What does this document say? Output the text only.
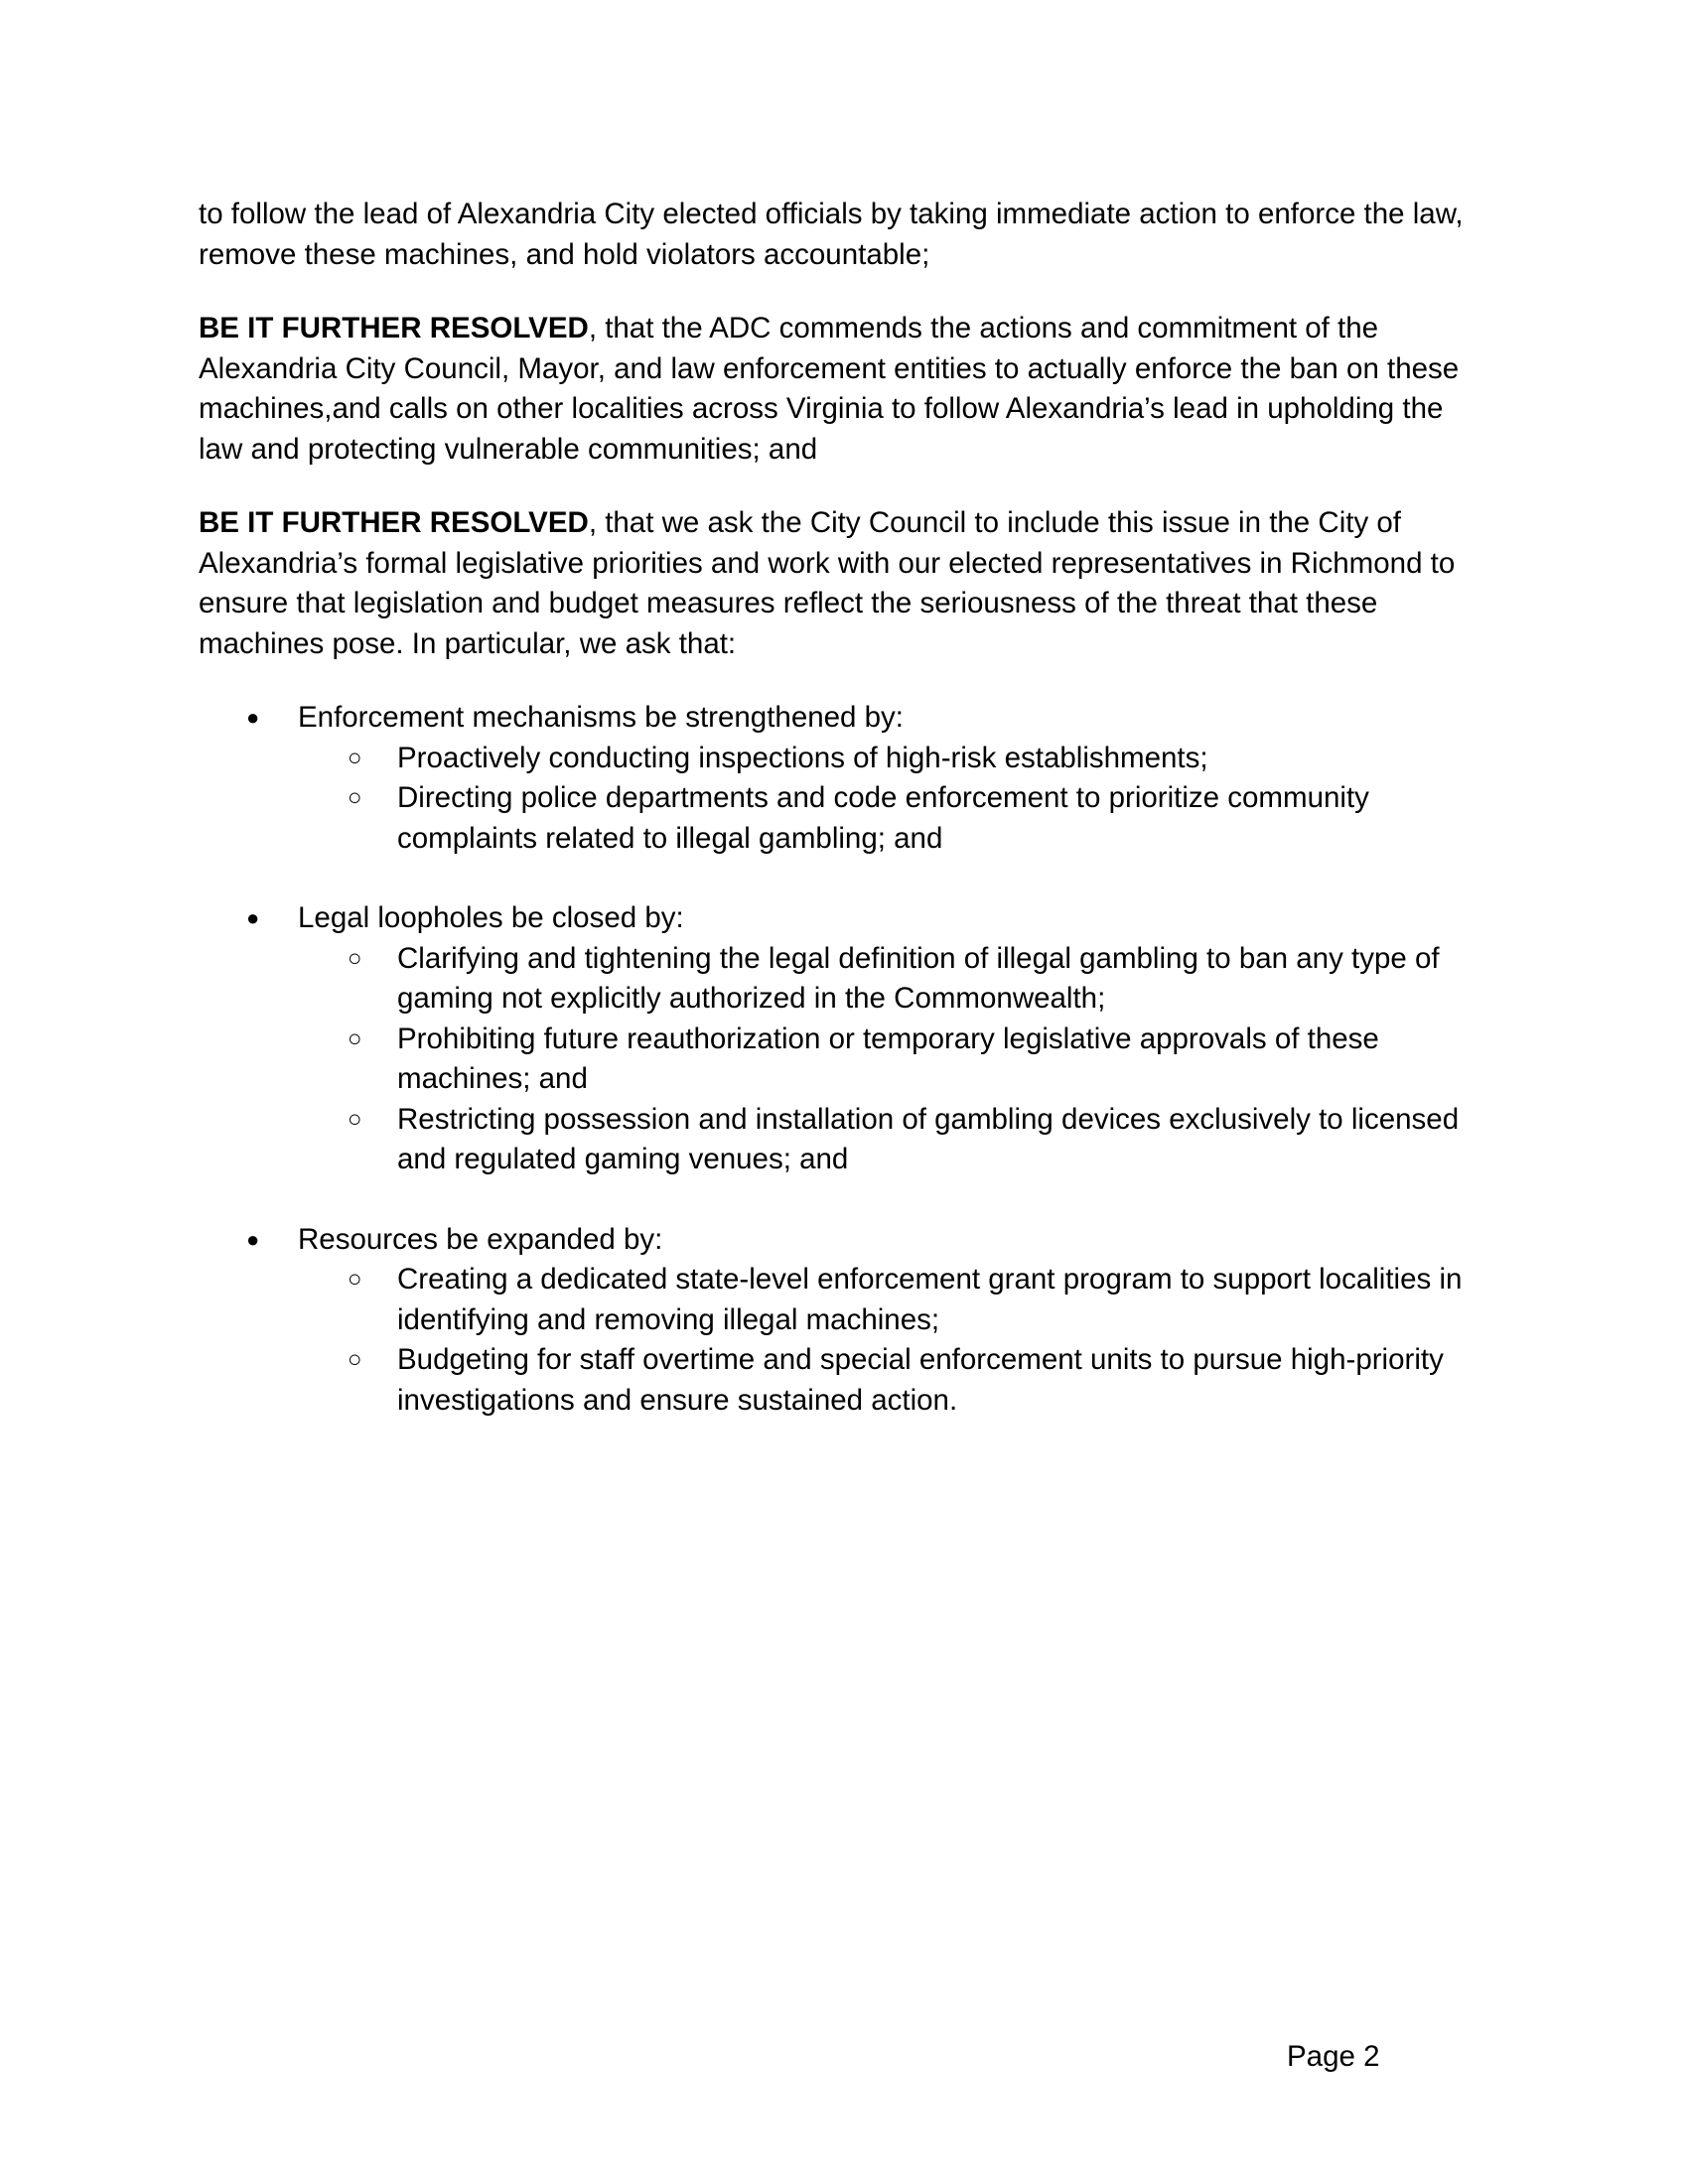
to follow the lead of Alexandria City elected officials by taking immediate action to enforce the law, remove these machines, and hold violators accountable;

BE IT FURTHER RESOLVED, that the ADC commends the actions and commitment of the Alexandria City Council, Mayor, and law enforcement entities to actually enforce the ban on these machines,and calls on other localities across Virginia to follow Alexandria’s lead in upholding the law and protecting vulnerable communities; and

BE IT FURTHER RESOLVED, that we ask the City Council to include this issue in the City of Alexandria’s formal legislative priorities and work with our elected representatives in Richmond to ensure that legislation and budget measures reflect the seriousness of the threat that these machines pose. In particular, we ask that:

● Enforcement mechanisms be strengthened by:
○ Proactively conducting inspections of high-risk establishments;
○ Directing police departments and code enforcement to prioritize community complaints related to illegal gambling; and
● Legal loopholes be closed by:
○ Clarifying and tightening the legal definition of illegal gambling to ban any type of gaming not explicitly authorized in the Commonwealth;
○ Prohibiting future reauthorization or temporary legislative approvals of these machines; and
○ Restricting possession and installation of gambling devices exclusively to licensed and regulated gaming venues; and
● Resources be expanded by:
○ Creating a dedicated state-level enforcement grant program to support localities in identifying and removing illegal machines;
○ Budgeting for staff overtime and special enforcement units to pursue high-priority investigations and ensure sustained action.
Page 2
